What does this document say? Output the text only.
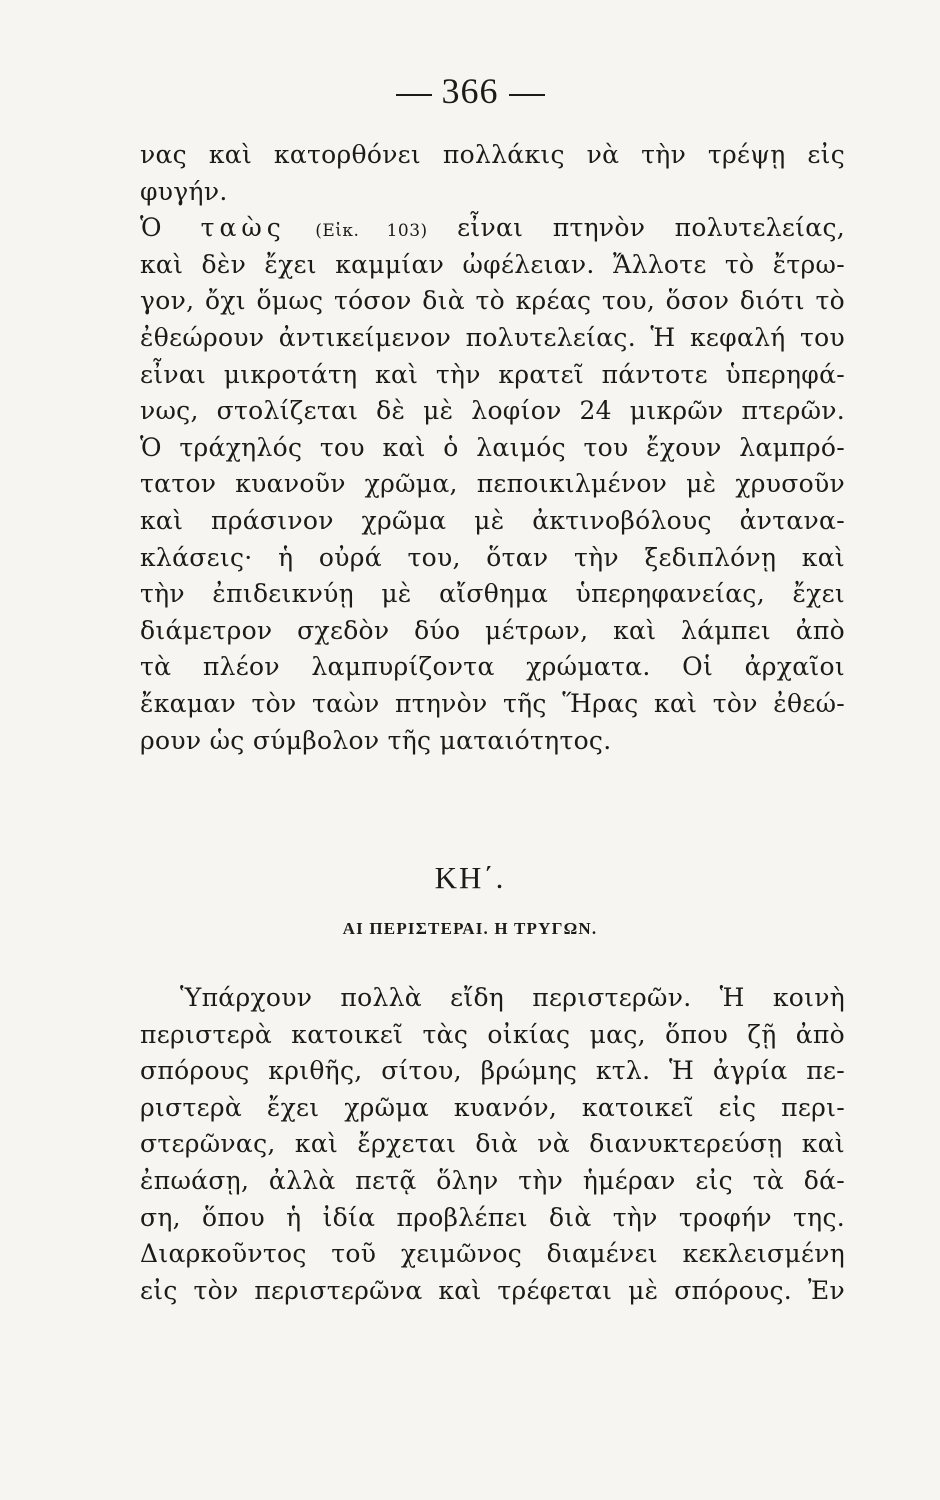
366
νας καὶ κατορθόνει πολλάκις νὰ τὴν τρέψῃ εἰς
φυγήν.
Ὁ ταὼς (Εἰκ. 103) εἶναι πτηνὸν πολυτελείας,
καὶ δὲν ἔχει καμμίαν ὠφέλειαν. Ἄλλοτε τὸ ἔτρω-
γον, ὄχι ὅμως τόσον διὰ τὸ κρέας του, ὅσον διότι τὸ
ἐθεώρουν ἀντικείμενον πολυτελείας. Ἡ κεφαλή του
εἶναι μικροτάτη καὶ τὴν κρατεῖ πάντοτε ὑπερηφά-
νως, στολίζεται δὲ μὲ λοφίον 24 μικρῶν πτερῶν.
Ὁ τράχηλός του καὶ ὁ λαιμός του ἔχουν λαμπρό-
τατον κυανοῦν χρῶμα, πεποικιλμένον μὲ χρυσοῦν
καὶ πράσινον χρῶμα μὲ ἀκτινοβόλους ἀντανα-
κλάσεις· ἡ οὐρά του, ὅταν τὴν ξεδιπλόνῃ καὶ
τὴν ἐπιδεικνύῃ μὲ αἴσθημα ὑπερηφανείας, ἔχει
διάμετρον σχεδὸν δύο μέτρων, καὶ λάμπει ἀπὸ
τὰ πλέον λαμπυρίζοντα χρώματα. Οἱ ἀρχαῖοι
ἔκαμαν τὸν ταὼν πτηνὸν τῆς Ἥρας καὶ τὸν ἐθεώ-
ρουν ὡς σύμβολον τῆς ματαιότητος.
ΚΗ΄.
ΑΙ ΠΕΡΙΣΤΕΡΑΙ. Η ΤΡΥΓΩΝ.
Ὑπάρχουν πολλὰ εἴδη περιστερῶν. Ἡ κοινὴ
περιστερὰ κατοικεῖ τὰς οἰκίας μας, ὅπου ζῇ ἀπὸ
σπόρους κριθῆς, σίτου, βρώμης κτλ. Ἡ ἀγρία πε-
ριστερὰ ἔχει χρῶμα κυανόν, κατοικεῖ εἰς περι-
στερῶνας, καὶ ἔρχεται διὰ νὰ διανυκτερεύσῃ καὶ
ἐπωάσῃ, ἀλλὰ πετᾷ ὅλην τὴν ἡμέραν εἰς τὰ δά-
ση, ὅπου ἡ ἰδία προβλέπει διὰ τὴν τροφήν της.
Διαρκοῦντος τοῦ χειμῶνος διαμένει κεκλεισμένη
εἰς τὸν περιστερῶνα καὶ τρέφεται μὲ σπόρους. Ἐν
